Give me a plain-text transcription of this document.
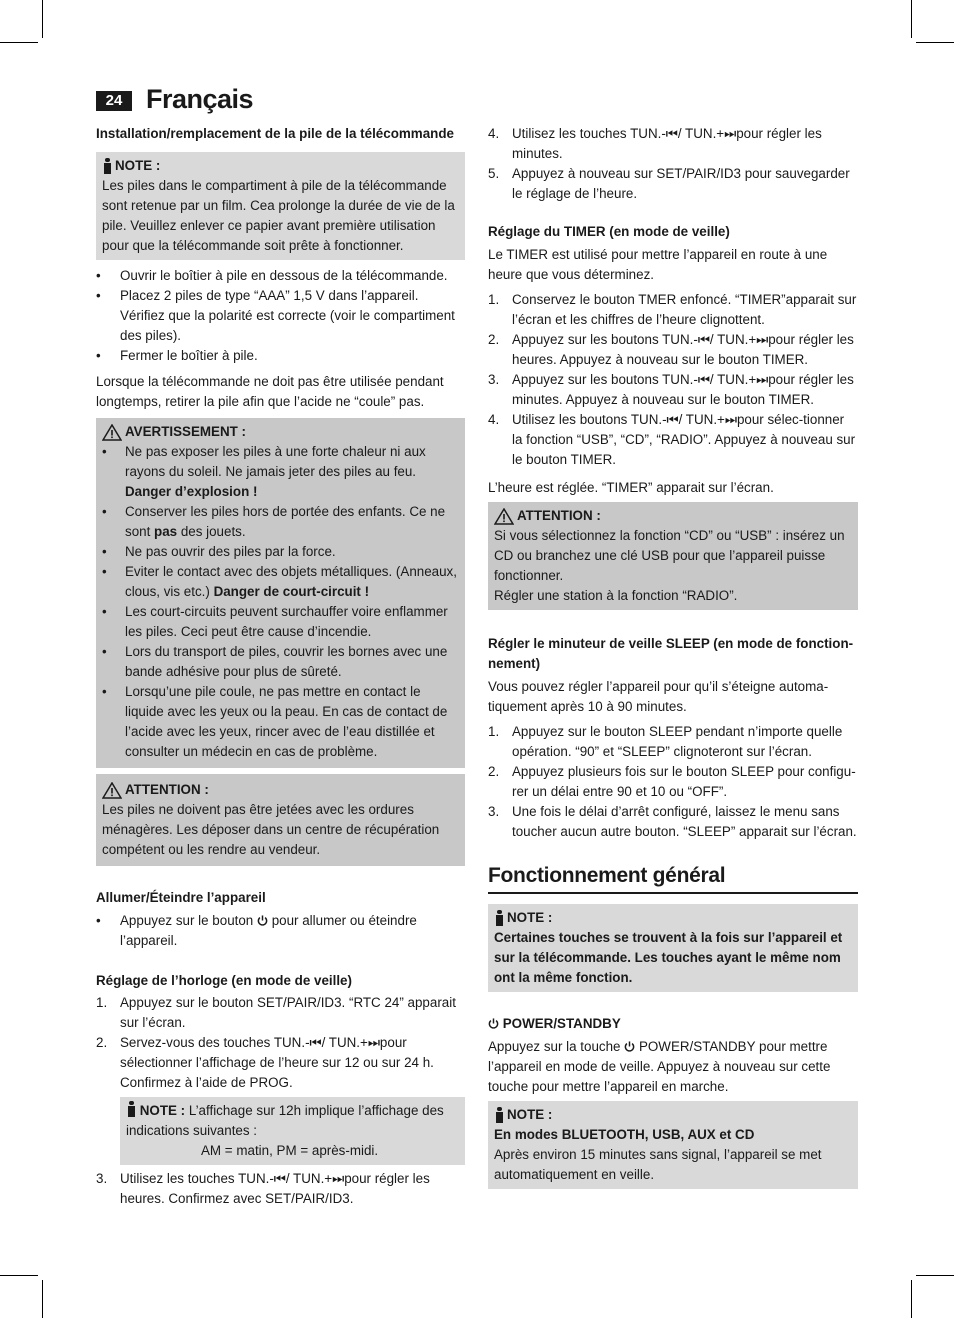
24 Français

Installation/remplacement de la pile de la télécommande

NOTE :
Les piles dans le compartiment à pile de la télécommande sont retenue par un film. Cea prolonge la durée de vie de la pile. Veuillez enlever ce papier avant première utilisation pour que la télécommande soit prête à fonctionner.
• Ouvrir le boîtier à pile en dessous de la télécommande.
• Placez 2 piles de type “AAA” 1,5 V dans l’appareil. Vérifiez que la polarité est correcte (voir le compartiment des piles).
• Fermer le boîtier à pile.

Lorsque la télécommande ne doit pas être utilisée pendant longtemps, retirer la pile afin que l’acide ne “coule” pas.

AVERTISSEMENT :
• Ne pas exposer les piles à une forte chaleur ni aux rayons du soleil. Ne jamais jeter des piles au feu. Danger d’explosion !
• Conserver les piles hors de portée des enfants. Ce ne sont pas des jouets.
• Ne pas ouvrir des piles par la force.
• Eviter le contact avec des objets métalliques. (Anneaux, clous, vis etc.) Danger de court-circuit !
• Les court-circuits peuvent surchauffer voire enflammer les piles. Ceci peut être cause d’incendie.
• Lors du transport de piles, couvrir les bornes avec une bande adhésive pour plus de sûreté.
• Lorsqu’une pile coule, ne pas mettre en contact le liquide avec les yeux ou la peau. En cas de contact de l’acide avec les yeux, rincer avec de l’eau distillée et consulter un médecin en cas de problème.
ATTENTION :
Les piles ne doivent pas être jetées avec les ordures ménagères. Les déposer dans un centre de récupération compétent ou les rendre au vendeur.

Allumer/Éteindre l’appareil

• Appuyez sur le bouton  pour allumer ou éteindre l’appareil.

Réglage de l’horloge (en mode de veille)

1. Appuyez sur le bouton SET/PAIR/ID3. “RTC 24” apparait sur l’écran.
2. Servez-vous des touches TUN.-⏮/ TUN.+⏭pour sélectionner l’affichage de l’heure sur 12 ou sur 24 h. Confirmez à l’aide de PROG.
NOTE : L’affichage sur 12h implique l’affichage des indications suivantes :
AM = matin, PM = après-midi.
3. Utilisez les touches TUN.-⏮/ TUN.+⏭pour régler les heures. Confirmez avec SET/PAIR/ID3.
4. Utilisez les touches TUN.-⏮/ TUN.+⏭pour régler les minutes.
5. Appuyez à nouveau sur SET/PAIR/ID3 pour sauvegarder le réglage de l’heure.

Réglage du TIMER (en mode de veille)

Le TIMER est utilisé pour mettre l’appareil en route à une heure que vous déterminez.

1. Conservez le bouton TMER enfoncé. “TIMER”apparait sur l’écran et les chiffres de l’heure clignottent.
2. Appuyez sur les boutons TUN.-⏮/ TUN.+⏭pour régler les heures. Appuyez à nouveau sur le bouton TIMER.
3. Appuyez sur les boutons TUN.-⏮/ TUN.+⏭pour régler les minutes. Appuyez à nouveau sur le bouton TIMER.
4. Utilisez les boutons TUN.-⏮/ TUN.+⏭pour sélec-tionner la fonction “USB”, “CD”, “RADIO”. Appuyez à nouveau sur le bouton TIMER.

L’heure est réglée. “TIMER” apparait sur l’écran.

ATTENTION :
Si vous sélectionnez la fonction “CD” ou “USB” : insérez un CD ou branchez une clé USB pour que l’appareil puisse fonctionner.
Régler une station à la fonction “RADIO”.

Régler le minuteur de veille SLEEP (en mode de fonction-nement)

Vous pouvez régler l’appareil pour qu’il s’éteigne automa-tiquement après 10 à 90 minutes.

1. Appuyez sur le bouton SLEEP pendant n’importe quelle opération. “90” et “SLEEP” clignoteront sur l’écran.
2. Appuyez plusieurs fois sur le bouton SLEEP pour configu-rer un délai entre 90 et 10 ou “OFF”.
3. Une fois le délai d’arrêt configuré, laissez le menu sans toucher aucun autre bouton. “SLEEP” apparait sur l’écran.
Fonctionnement général
NOTE :
Certaines touches se trouvent à la fois sur l’appareil et sur la télécommande. Les touches ayant le même nom ont la même fonction.

POWER/STANDBY

Appuyez sur la touche  POWER/STANDBY pour mettre l’appareil en mode de veille. Appuyez à nouveau sur cette touche pour mettre l’appareil en marche.

NOTE :
En modes BLUETOOTH, USB, AUX et CD
Après environ 15 minutes sans signal, l’appareil se met automatiquement en veille.
